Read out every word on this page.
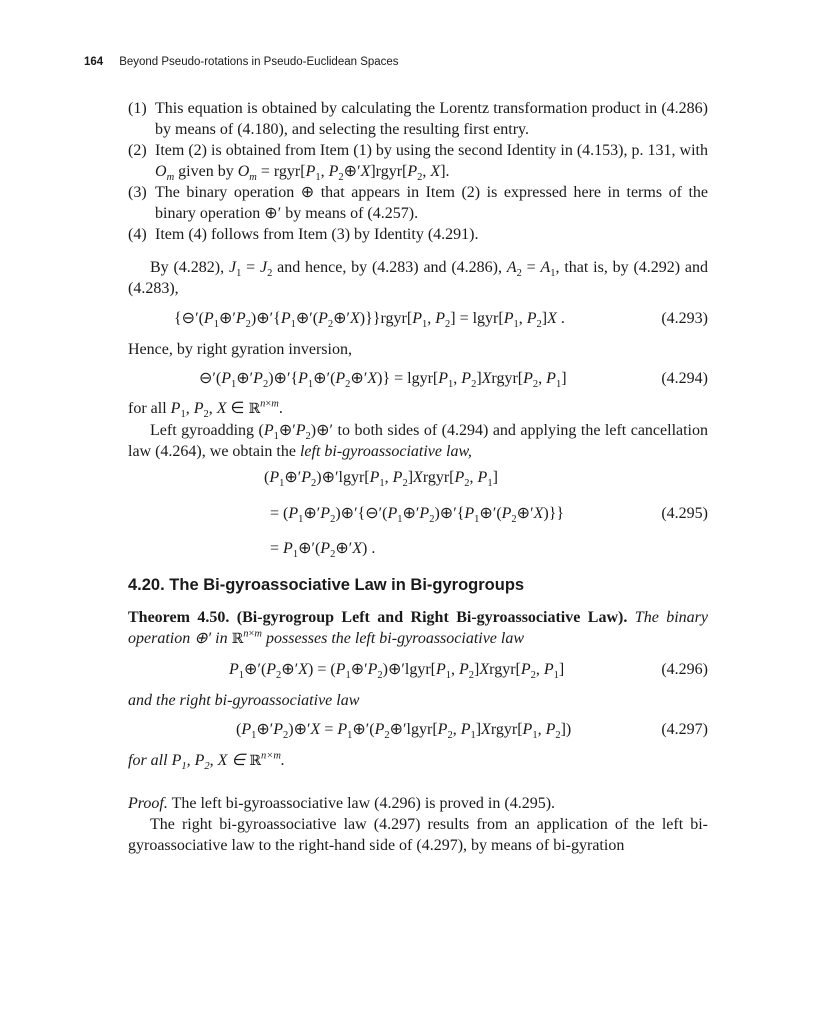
164 Beyond Pseudo-rotations in Pseudo-Euclidean Spaces
(1) This equation is obtained by calculating the Lorentz transformation product in (4.286) by means of (4.180), and selecting the resulting first entry.
(2) Item (2) is obtained from Item (1) by using the second Identity in (4.153), p. 131, with $O_m$ given by $O_m$ = $rgyr[P_1$, $P_2\oplus'X]rgyr[P_2$, X].
(3) The binary operation ⊕ that appears in Item (2) is expressed here in terms of the binary operation ⊕′ by means of (4.257).
(4) Item (4) follows from Item (3) by Identity (4.291).

By (4.282), $J_1 = J_2$ and hence, by (4.283) and (4.286), $A_2 = A_1$, that is, by (4.292) and (4.283),

$\{⊖'(P_1\oplus'P_2)\oplus'\{P_1\oplus'(P_2\oplus'X)\}\}rgyr[P_1$, $P_2$] = $lgyr[P_1$, $P_2]X$ .	(4.293)

Hence, by right gyration inversion,

$⊖'(P_1\oplus'P_2)\oplus'\{P_1\oplus'(P_2\oplus'X)\}$ = $lgyr[P_1$, $P_2]Xrgyr[P_2$, $P_1$]	(4.294)

for all $P_1$, $P_2$, X ∈ ℝ$^{n\times m}$.

Left gyroadding $(P_1\oplus'P_2)\oplus'$ to both sides of (4.294) and applying the left cancellation law (4.264), we obtain the left bi-gyroassociative law,

$(P_1\oplus'P_2)\oplus'lgyr[P_1$, $P_2]Xrgyr[P_2$, $P_1$]
= $(P_1\oplus'P_2)\oplus'\{⊖'(P_1\oplus'P_2)\oplus'\{P_1\oplus'(P_2\oplus'X)\}\}$	(4.295)
= $P_1\oplus'(P_2\oplus'X)$ .
4.20. The Bi-gyroassociative Law in Bi-gyrogroups

Theorem 4.50. (Bi-gyrogroup Left and Right Bi-gyroassociative Law). The binary operation ⊕′ in ℝ$^{n\times m}$ possesses the left bi-gyroassociative law

$P_1\oplus'(P_2\oplus'X)$ = $(P_1\oplus'P_2)\oplus'lgyr[P_1$, $P_2]Xrgyr[P_2$, $P_1$]	(4.296)

and the right bi-gyroassociative law

$(P_1\oplus'P_2)\oplus'X$ = $P_1\oplus'(P_2\oplus'lgyr[P_2$, $P_1]Xrgyr[P_1$, $P_2$])	(4.297)

for all $P_1$, $P_2$, X ∈ ℝ$^{n\times m}$.

Proof. The left bi-gyroassociative law (4.296) is proved in (4.295).

The right bi-gyroassociative law (4.297) results from an application of the left bi-gyroassociative law to the right-hand side of (4.297), by means of bi-gyration
